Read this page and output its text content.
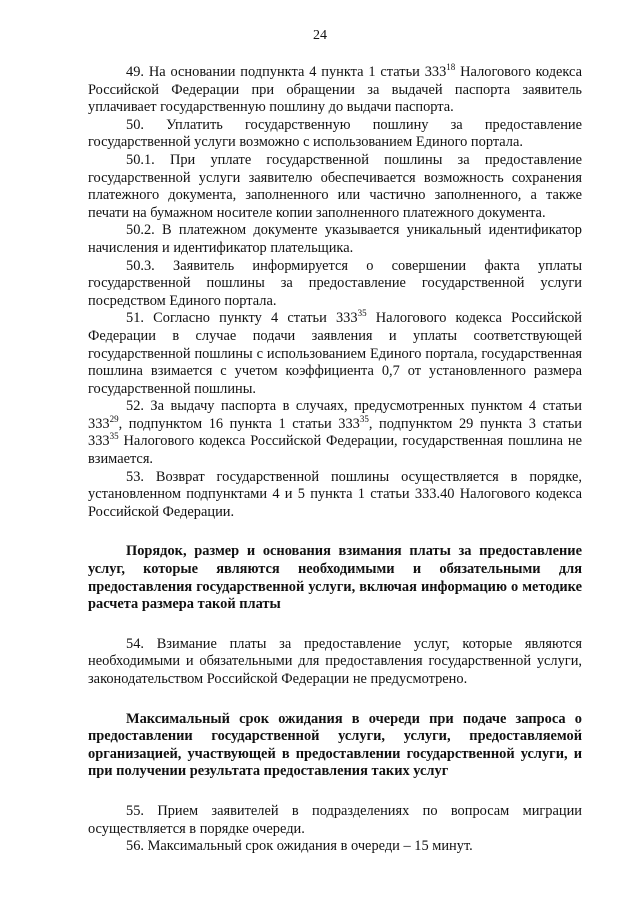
24

49. На основании подпункта 4 пункта 1 статьи $333^{18}$ Налогового кодекса Российской Федерации при обращении за выдачей паспорта заявитель уплачивает государственную пошлину до выдачи паспорта.

50. Уплатить государственную пошлину за предоставление государственной услуги возможно с использованием Единого портала.

50.1. При уплате государственной пошлины за предоставление государственной услуги заявителю обеспечивается возможность сохранения платежного документа, заполненного или частично заполненного, а также печати на бумажном носителе копии заполненного платежного документа.

50.2. В платежном документе указывается уникальный идентификатор начисления и идентификатор плательщика.

50.3. Заявитель информируется о совершении факта уплаты государственной пошлины за предоставление государственной услуги посредством Единого портала.

51. Согласно пункту 4 статьи $333^{35}$ Налогового кодекса Российской Федерации в случае подачи заявления и уплаты соответствующей государственной пошлины с использованием Единого портала, государственная пошлина взимается с учетом коэффициента 0,7 от установленного размера государственной пошлины.

52. За выдачу паспорта в случаях, предусмотренных пунктом 4 статьи $333^{29}$, подпунктом 16 пункта 1 статьи $333^{35}$, подпунктом 29 пункта 3 статьи $333^{35}$ Налогового кодекса Российской Федерации, государственная пошлина не взимается.

53. Возврат государственной пошлины осуществляется в порядке, установленном подпунктами 4 и 5 пункта 1 статьи 333.40 Налогового кодекса Российской Федерации.

Порядок, размер и основания взимания платы за предоставление услуг, которые являются необходимыми и обязательными для предоставления государственной услуги, включая информацию о методике расчета размера такой платы

54. Взимание платы за предоставление услуг, которые являются необходимыми и обязательными для предоставления государственной услуги, законодательством Российской Федерации не предусмотрено.

Максимальный срок ожидания в очереди при подаче запроса о предоставлении государственной услуги, услуги, предоставляемой организацией, участвующей в предоставлении государственной услуги, и при получении результата предоставления таких услуг

55. Прием заявителей в подразделениях по вопросам миграции осуществляется в порядке очереди.

56. Максимальный срок ожидания в очереди – 15 минут.
